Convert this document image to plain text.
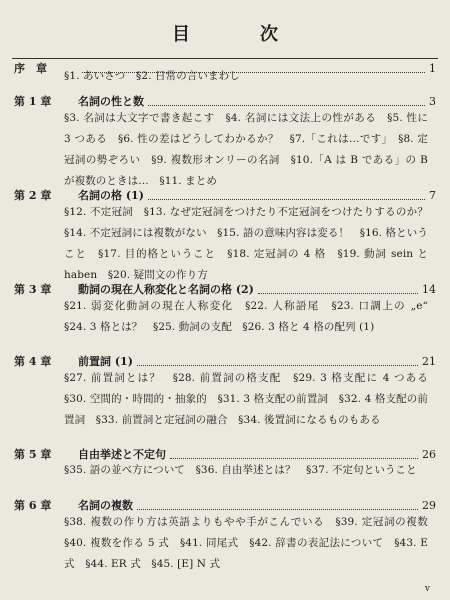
目　次
序　章	1
§1. あいさつ　§2. 日常の言いまわし
第 1 章	名詞の性と数	3
§3. 名詞は大文字で書き起こす　§4. 名詞には文法上の性がある　§5. 性に 3 つある　§6. 性の差はどうしてわかるか？　§7.「これは…です」　§8. 定冠詞の勢ぞろい　§9. 複数形オンリーの名詞　§10.「A は B である」の B が複数のときは…　§11. まとめ
第 2 章	名詞の格 (1)	7
§12. 不定冠詞　§13. なぜ定冠詞をつけたり不定冠詞をつけたりするのか？　§14. 不定冠詞には複数がない　§15. 語の意味内容は変る！　§16. 格ということ　§17. 目的格ということ　§18. 定冠詞の 4 格　§19. 動詞 sein と haben　§20. 疑問文の作り方
第 3 章	動詞の現在人称変化と名詞の格 (2)	14
§21. 弱変化動詞の現在人称変化　§22. 人称語尾　§23. 口調上の „e“　§24. 3 格とは？　§25. 動詞の支配　§26. 3 格と 4 格の配列 (1)
第 4 章	前置詞 (1)	21
§27. 前置詞とは？　§28. 前置詞の格支配　§29. 3 格支配に 4 つある　§30. 空間的・時間的・抽象的　§31. 3 格支配の前置詞　§32. 4 格支配の前置詞　§33. 前置詞と定冠詞の融合　§34. 後置詞になるものもある
第 5 章	自由挙述と不定句	26
§35. 語の並べ方について　§36. 自由挙述とは？　§37. 不定句ということ
第 6 章	名詞の複数	29
§38. 複数の作り方は英語よりもやや手がこんでいる　§39. 定冠詞の複数　§40. 複数を作る 5 式　§41. 同尾式　§42. 辞書の表記法について　§43. E 式　§44. ER 式　§45. [E] N 式
v
